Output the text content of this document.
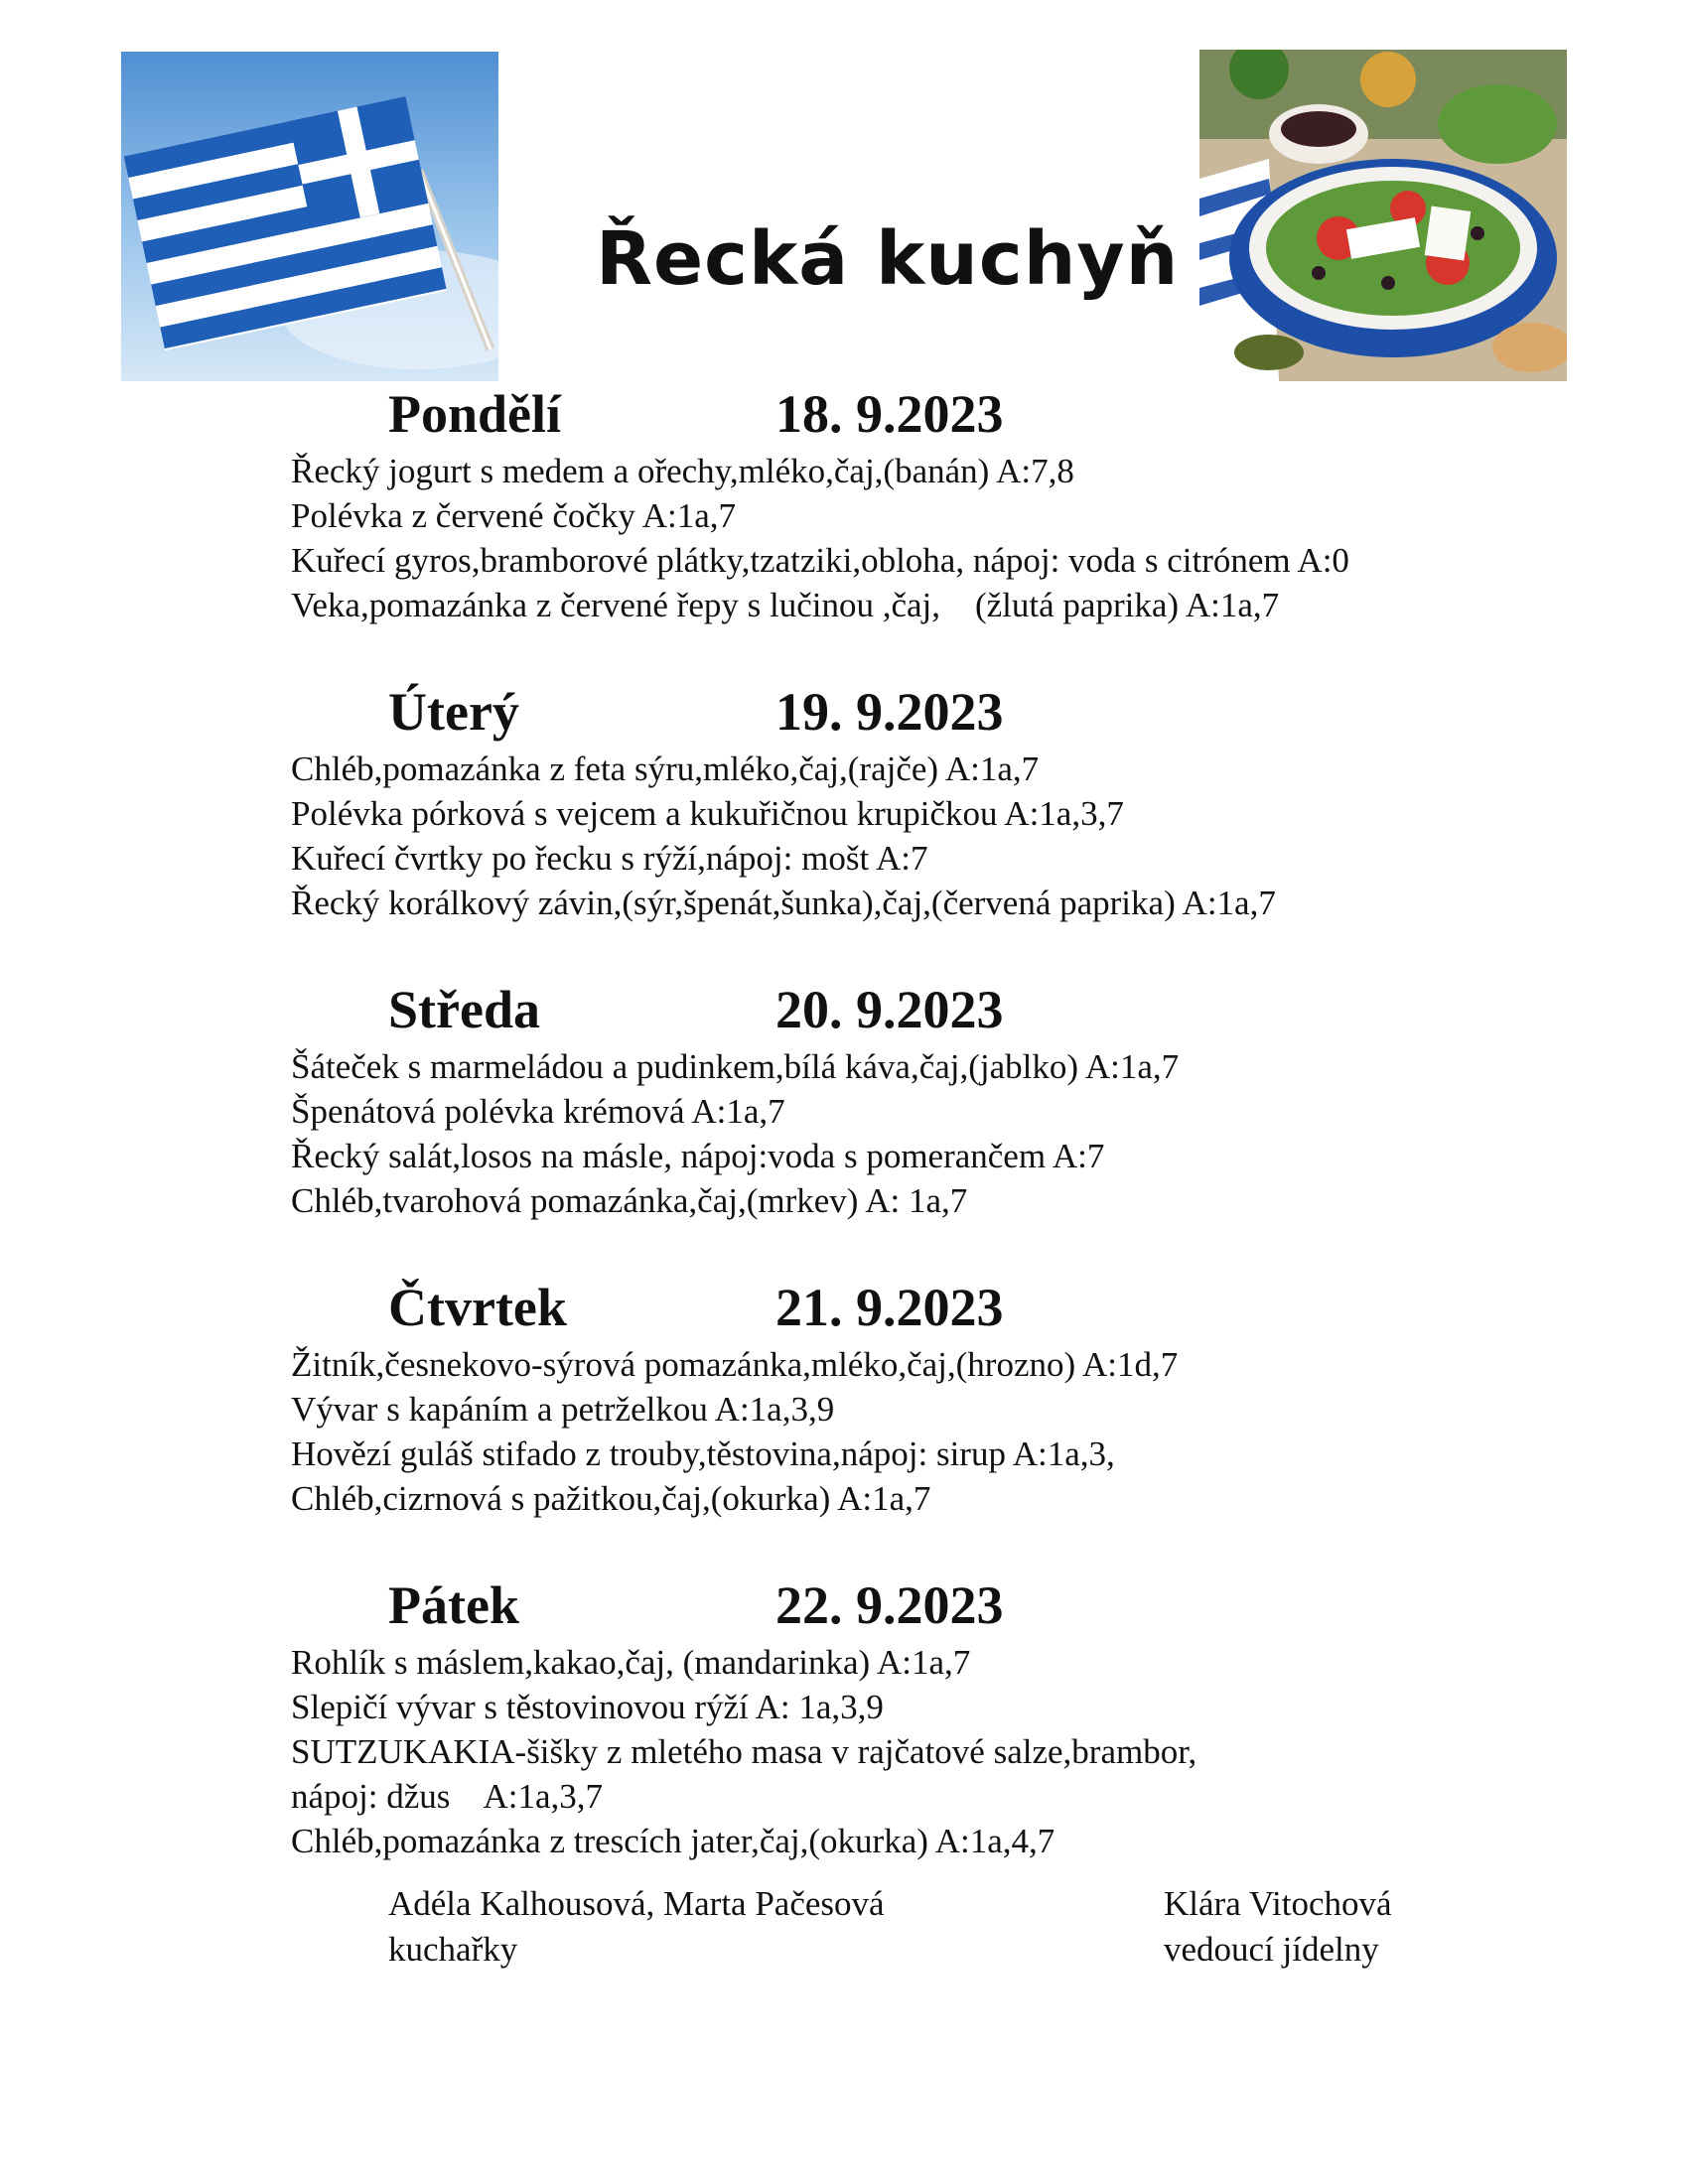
Řecká kuchyň
Pondělí	18. 9.2023
Řecký jogurt s medem a ořechy,mléko,čaj,(banán) A:7,8
Polévka z červené čočky A:1a,7
Kuřecí gyros,bramborové plátky,tzatziki,obloha, nápoj: voda s citrónem A:0
Veka,pomazánka z červené řepy s lučinou ,čaj,    (žlutá paprika) A:1a,7
Úterý	19. 9.2023
Chléb,pomazánka z feta sýru,mléko,čaj,(rajče) A:1a,7
Polévka pórková s vejcem a kukuřičnou krupičkou A:1a,3,7
Kuřecí čvrtky po řecku s rýží,nápoj: mošt A:7
Řecký korálkový závin,(sýr,špenát,šunka),čaj,(červená paprika) A:1a,7
Středa	20. 9.2023
Šáteček s marmeládou a pudinkem,bílá káva,čaj,(jablko) A:1a,7
Špenátová polévka krémová A:1a,7
Řecký salát,losos na másle, nápoj:voda s pomerančem A:7
Chléb,tvarohová pomazánka,čaj,(mrkev) A: 1a,7
Čtvrtek	21. 9.2023
Žitník,česnekovo-sýrová pomazánka,mléko,čaj,(hrozno) A:1d,7
Vývar s kapáním a petrželkou A:1a,3,9
Hovězí guláš stifado z trouby,těstovina,nápoj: sirup A:1a,3,
Chléb,cizrnová s pažitkou,čaj,(okurka) A:1a,7
Pátek	22. 9.2023
Rohlík s máslem,kakao,čaj, (mandarinka) A:1a,7
Slepičí vývar s těstovinovou rýží A: 1a,3,9
SUTZUKAKIA-šišky z mletého masa v rajčatové salze,brambor,
nápoj: džus    A:1a,3,7
Chléb,pomazánka z trescích jater,čaj,(okurka) A:1a,4,7
Adéla Kalhousová, Marta Pačesová
kuchařky
Klára Vitochová
vedoucí jídelny
